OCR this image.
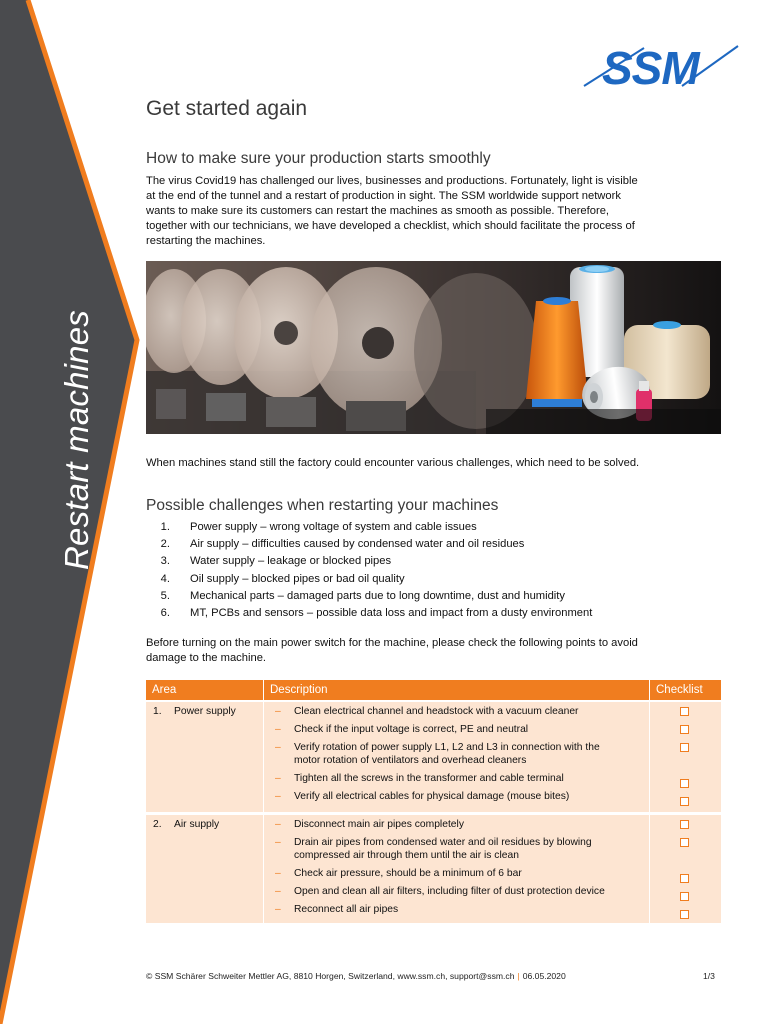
Restart machines
SSM
Get started again
How to make sure your production starts smoothly
The virus Covid19 has challenged our lives, businesses and productions. Fortunately, light is visible
at the end of the tunnel and a restart of production in sight. The SSM worldwide support network
wants to make sure its customers can restart the machines as smooth as possible. Therefore,
together with our technicians, we have developed a checklist, which should facilitate the process of
restarting the machines.
When machines stand still the factory could encounter various challenges, which need to be solved.
Possible challenges when restarting your machines
1. Power supply – wrong voltage of system and cable issues
2. Air supply – difficulties caused by condensed water and oil residues
3. Water supply – leakage or blocked pipes
4. Oil supply – blocked pipes or bad oil quality
5. Mechanical parts – damaged parts due to long downtime, dust and humidity
6. MT, PCBs and sensors – possible data loss and impact from a dusty environment
Before turning on the main power switch for the machine, please check the following points to avoid
damage to the machine.
Area	Description	Checklist
1. Power supply	– Clean electrical channel and headstock with a vacuum cleaner
– Check if the input voltage is correct, PE and neutral
– Verify rotation of power supply L1, L2 and L3 in connection with the
motor rotation of ventilators and overhead cleaners
– Tighten all the screws in the transformer and cable terminal
– Verify all electrical cables for physical damage (mouse bites)
2. Air supply	– Disconnect main air pipes completely
– Drain air pipes from condensed water and oil residues by blowing
compressed air through them until the air is clean
– Check air pressure, should be a minimum of 6 bar
– Open and clean all air filters, including filter of dust protection device
– Reconnect all air pipes
© SSM Schärer Schweiter Mettler AG, 8810 Horgen, Switzerland, www.ssm.ch, support@ssm.ch | 06.05.2020	1/3
